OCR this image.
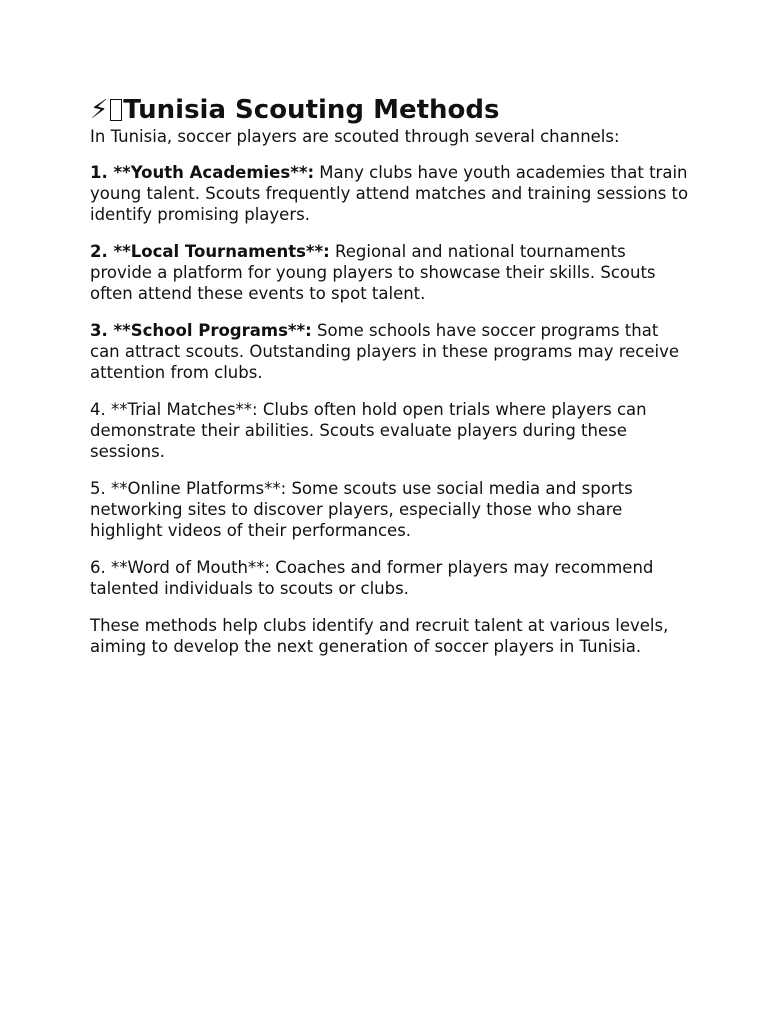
⚡ Tunisia Scouting Methods

In Tunisia, soccer players are scouted through several channels:

1. **Youth Academies**: Many clubs have youth academies that train young talent. Scouts frequently attend matches and training sessions to identify promising players.

2. **Local Tournaments**: Regional and national tournaments provide a platform for young players to showcase their skills. Scouts often attend these events to spot talent.

3. **School Programs**: Some schools have soccer programs that can attract scouts. Outstanding players in these programs may receive attention from clubs.

4. **Trial Matches**: Clubs often hold open trials where players can demonstrate their abilities. Scouts evaluate players during these sessions.

5. **Online Platforms**: Some scouts use social media and sports networking sites to discover players, especially those who share highlight videos of their performances.

6. **Word of Mouth**: Coaches and former players may recommend talented individuals to scouts or clubs.

These methods help clubs identify and recruit talent at various levels, aiming to develop the next generation of soccer players in Tunisia.
